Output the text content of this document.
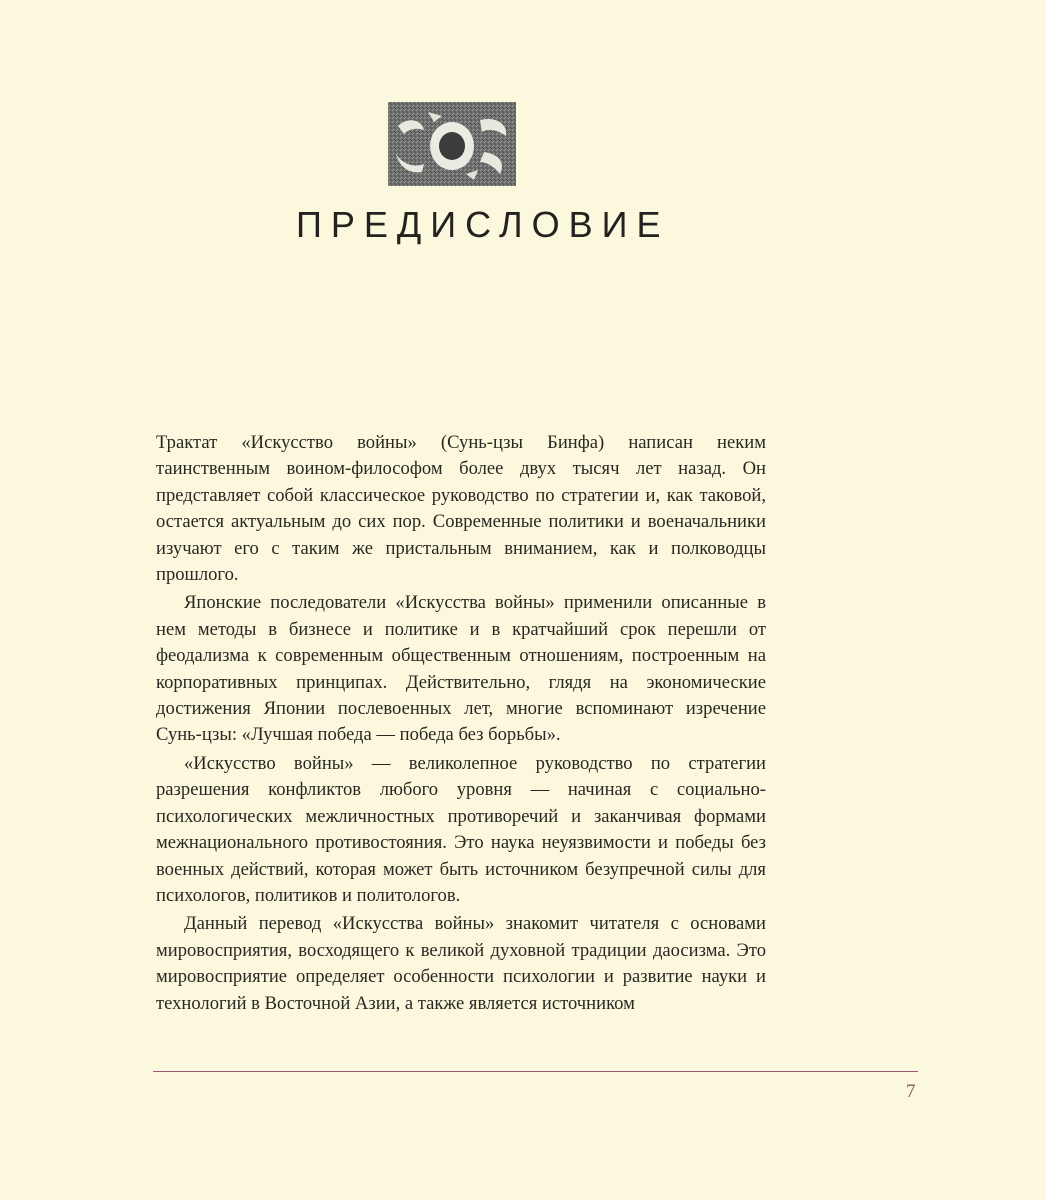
ПРЕДИСЛОВИЕ

Трактат «Искусство войны» (Сунь-цзы Бинфа) написан неким таинственным воином-философом более двух тысяч лет назад. Он представляет собой классическое руководство по стратегии и, как таковой, остается актуальным до сих пор. Современные политики и военачальники изучают его с таким же пристальным вниманием, как и полководцы прошлого.

Японские последователи «Искусства войны» применили описанные в нем методы в бизнесе и политике и в кратчайший срок перешли от феодализма к современным общественным отношениям, построенным на корпоративных принципах. Действительно, глядя на экономические достижения Японии послевоенных лет, многие вспоминают изречение Сунь-цзы: «Лучшая победа — победа без борьбы».

«Искусство войны» — великолепное руководство по стратегии разрешения конфликтов любого уровня — начиная с социально-психологических межличностных противоречий и заканчивая формами межнационального противостояния. Это наука неуязвимости и победы без военных действий, которая может быть источником безупречной силы для психологов, политиков и политологов.

Данный перевод «Искусства войны» знакомит читателя с основами мировосприятия, восходящего к великой духовной традиции даосизма. Это мировосприятие определяет особенности психологии и развитие науки и технологий в Восточной Азии, а также является источником

7
